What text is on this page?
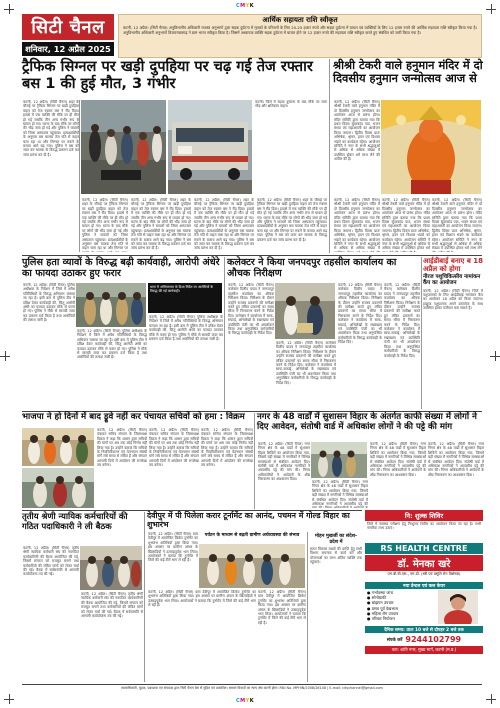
CMYK
सिटी चैनल
शनिवार, 12 अप्रैल 2025
आर्थिक सहायता राशि स्वीकृत
कटनी, 12 अप्रैल। (सिटी चैनल) अनुविभागीय अधिकारी राजस्व अनुभागों द्वारा सड़क दुर्घटना में मृतकों के परिजनों के लिए 25-25 हजार रुपये और सड़क दुर्घटना में घायल एवं व्यक्तियों के लिए 12 हजार रुपये की आर्थिक सहायता राशि स्वीकृत किया गया है। अनुविभागीय अधिकारी अनुभागों विजयराघवगढ़ ने ग्राम भारत स्वीकृत किया है। जिसमें अध्यापक व्यक्ति सड़क दुर्घटना में घायल होने पर 12 हजार रुपये की सहायता राशि स्वीकृत करते हुए संबंधित को जारी किया गया है।
ट्रैफिक सिग्नल पर खड़ी दुपहिया पर चढ़ गई तेज रफ्तार बस 1 की हुई मौत, 3 गंभीर
कटनी, 12 अप्रैल। (सिटी चैनल) शहर के चौराहे पर ट्रैफिक सिग्नल पर खड़ी दुपहिया वाहन को तेज रफ्तार बस ने रौंद दिया। हादसे में एक व्यक्ति की मौके पर ही मौत हो गई जबकि तीन अन्य गंभीर रूप से घायल हो गए। घटना के बाद मौके पर लोगों की भीड़ जमा हो गई और पुलिस ने घायलों को जिला अस्पताल पहुंचाया। प्रत्यक्षदर्शियों के अनुसार बस चालक तेज गति से वाहन चला रहा था और सिग्नल पर रुकने के बजाय आगे बढ़ गया। पुलिस ने बस को जब्त कर चालक के विरुद्ध प्रकरण दर्ज कर जांच प्रारंभ कर दी है।
कटनी, 12 अप्रैल। (सिटी चैनल) शहर के चौराहे पर ट्रैफिक सिग्नल पर खड़ी दुपहिया वाहन को तेज रफ्तार बस ने रौंद दिया। हादसे में एक व्यक्ति की मौके पर ही मौत हो गई जबकि तीन अन्य गंभीर रूप से घायल हो गए। घटना के बाद मौके पर लोगों की भीड़ जमा हो गई और पुलिस ने घायलों को जिला अस्पताल पहुंचाया। प्रत्यक्षदर्शियों के अनुसार बस चालक तेज गति से वाहन चला रहा था और सिग्नल पर
कटनी, 12 अप्रैल। (सिटी चैनल) शहर के चौराहे पर ट्रैफिक सिग्नल पर खड़ी दुपहिया वाहन को तेज रफ्तार बस ने रौंद दिया। हादसे में एक व्यक्ति की मौके पर ही मौत हो गई जबकि तीन अन्य गंभीर रूप से घायल हो गए। घटना के बाद मौके पर लोगों की भीड़ जमा हो गई और पुलिस ने घायलों को जिला अस्पताल पहुंचाया। प्रत्यक्षदर्शियों के अनुसार बस चालक तेज गति से वाहन चला रहा था और सिग्नल पर रुकने के बजाय आगे बढ़ गया। पुलिस ने बस को जब्त कर चालक के विरुद्ध प्रकरण दर्ज कर जांच प्रारंभ कर दी है।
कटनी, 12 अप्रैल। (सिटी चैनल) शहर के चौराहे पर ट्रैफिक सिग्नल पर खड़ी दुपहिया वाहन को तेज रफ्तार बस ने रौंद दिया। हादसे में एक व्यक्ति की मौके पर ही मौत हो गई जबकि तीन अन्य गंभीर रूप से घायल हो गए। घटना के बाद मौके पर लोगों की भीड़ जमा हो गई और पुलिस ने घायलों को जिला अस्पताल पहुंचाया। प्रत्यक्षदर्शियों के अनुसार बस चालक तेज गति से वाहन चला रहा था और सिग्नल पर रुकने के बजाय आगे बढ़ गया। पुलिस ने बस को जब्त कर चालक के विरुद्ध प्रकरण दर्ज कर जांच प्रारंभ कर दी है।
कटनी, 12 अप्रैल। (सिटी चैनल) शहर के चौराहे पर ट्रैफिक सिग्नल पर खड़ी दुपहिया वाहन को तेज रफ्तार बस ने रौंद दिया। हादसे में एक व्यक्ति की मौके पर ही मौत हो गई जबकि तीन अन्य गंभीर रूप से घायल हो गए। घटना के बाद मौके पर लोगों की भीड़ जमा हो गई और पुलिस ने घायलों को जिला अस्पताल पहुंचाया। प्रत्यक्षदर्शियों के अनुसार बस चालक तेज गति से वाहन चला रहा था और सिग्नल पर रुकने के बजाय आगे बढ़ गया। पुलिस ने बस को जब्त कर चालक के विरुद्ध प्रकरण दर्ज कर जांच प्रारंभ कर दी है।
कटनी। जिले में सड़क दुर्घटना के बाद मौके पर जमा भीड़ और क्षतिग्रस्त वाहन।
श्रीश्री टेकरी वाले हनुमान मंदिर में दो दिवसीय हनुमान जन्मोत्सव आज से
कटनी, 12 अप्रैल। (सिटी चैनल) श्रीश्री टेकरी वाले हनुमान मंदिर में दो दिवसीय हनुमान जन्मोत्सव का आयोजन आज से प्रारंभ होगा। मंदिर समिति द्वारा बताया गया कि प्रथम दिवस सुंदरकांड पाठ, भजन संध्या एवं महाआरती का आयोजन किया जाएगा। द्वितीय दिवस प्रातः अभिषेक, श्रृंगार, हवन एवं विशाल भंडारे का कार्यक्रम रहेगा। आयोजन समिति ने नगर के सभी श्रद्धालुओं से अधिक से अधिक संख्या में उपस्थित होकर धर्म लाभ लेने की अपील की है।
कटनी, 12 अप्रैल। (सिटी चैनल) श्रीश्री टेकरी वाले हनुमान मंदिर में दो दिवसीय हनुमान जन्मोत्सव का आयोजन आज से प्रारंभ होगा। मंदिर समिति द्वारा बताया गया कि प्रथम दिवस सुंदरकांड पाठ, भजन संध्या एवं महाआरती का आयोजन किया जाएगा। द्वितीय दिवस प्रातः अभिषेक, श्रृंगार, हवन एवं विशाल भंडारे का कार्यक्रम रहेगा। आयोजन समिति ने नगर के सभी श्रद्धालुओं से अधिक से अधिक संख्या में
कटनी, 12 अप्रैल। (सिटी चैनल) श्रीश्री टेकरी वाले हनुमान मंदिर में दो दिवसीय हनुमान जन्मोत्सव का आयोजन आज से प्रारंभ होगा। मंदिर समिति द्वारा बताया गया कि प्रथम दिवस सुंदरकांड पाठ, भजन संध्या एवं महाआरती का आयोजन किया जाएगा। द्वितीय दिवस प्रातः अभिषेक, श्रृंगार, हवन एवं विशाल भंडारे का कार्यक्रम रहेगा। आयोजन समिति ने नगर के सभी श्रद्धालुओं से अधिक से अधिक संख्या में उपस्थित होकर धर्म
कटनी, 12 अप्रैल। (सिटी चैनल) श्रीश्री टेकरी वाले हनुमान मंदिर में दो दिवसीय हनुमान जन्मोत्सव का आयोजन आज से प्रारंभ होगा। मंदिर समिति द्वारा बताया गया कि प्रथम दिवस सुंदरकांड पाठ, भजन संध्या एवं महाआरती का आयोजन किया जाएगा। द्वितीय दिवस प्रातः अभिषेक, श्रृंगार, हवन एवं विशाल भंडारे का कार्यक्रम रहेगा। आयोजन समिति ने नगर के सभी श्रद्धालुओं से अधिक से अधिक संख्या में उपस्थित होकर धर्म लाभ लेने
पुलिस हता व्यावों के विरुद्ध बढ़ी कार्यवाही, आरोपी अंधेरे का फायदा उठाकर हुए फरार
कटनी, 12 अप्रैल। (सिटी चैनल) पुलिस अधीक्षक के निर्देशन में जिले में अवैध गतिविधियों के विरुद्ध अभियान चलाया जा रहा है। इसी क्रम में पुलिस टीम ने दबिश देकर कार्यवाही की, किंतु आरोपी अंधेरे का फायदा उठाकर मौके से फरार हो गए। पुलिस ने मौके से सामग्री जब्त कर प्रकरण दर्ज किया है तथा आरोपियों की तलाश जारी है।
कटनी, 12 अप्रैल। (सिटी चैनल) पुलिस अधीक्षक के निर्देशन में जिले में अवैध गतिविधियों के विरुद्ध अभियान चलाया जा रहा है। इसी क्रम में पुलिस टीम ने दबिश देकर कार्यवाही की, किंतु आरोपी अंधेरे का फायदा उठाकर मौके से फरार हो गए। पुलिस ने मौके से सामग्री जब्त कर प्रकरण दर्ज किया है तथा आरोपियों की तलाश जारी है।
थाना में अभियानरत के दिशा निर्देश पर आरोपियों के विरुद्ध की गई कार्यवाही।
कटनी, 12 अप्रैल। (सिटी चैनल) पुलिस अधीक्षक के निर्देशन में जिले में अवैध गतिविधियों के विरुद्ध अभियान चलाया जा रहा है। इसी क्रम में पुलिस टीम ने दबिश देकर कार्यवाही की, किंतु आरोपी अंधेरे का फायदा उठाकर मौके से फरार हो गए। पुलिस ने मौके से सामग्री जब्त कर प्रकरण दर्ज किया है तथा आरोपियों की तलाश जारी है।
कलेक्टर ने किया जनपदपुर तहसील कार्यालय का औचक निरीक्षण
कटनी, 12 अप्रैल। (सिटी चैनल) कलेक्टर दिलीप यादव ने जनपदपुर तहसील कार्यालय का औचक निरीक्षण किया। निरीक्षण के दौरान उन्होंने राजस्व प्रकरणों की समीक्षा करते हुए लंबित प्रकरणों का समय सीमा में निराकरण करने के निर्देश दिए। कलेक्टर ने कार्यालय में साफ-सफाई, अभिलेखों के रखरखाव एवं उपस्थिति पंजी का भी अवलोकन किया तथा अनुपस्थित कर्मचारियों के विरुद्ध कार्यवाही के निर्देश दिए।
कटनी, 12 अप्रैल। (सिटी चैनल) कलेक्टर दिलीप यादव ने जनपदपुर तहसील कार्यालय का औचक निरीक्षण किया। निरीक्षण के दौरान उन्होंने राजस्व प्रकरणों की समीक्षा करते हुए लंबित प्रकरणों का समय सीमा में निराकरण करने के निर्देश दिए। कलेक्टर ने कार्यालय में साफ-सफाई, अभिलेखों के रखरखाव एवं उपस्थिति पंजी का भी अवलोकन किया तथा अनुपस्थित कर्मचारियों के विरुद्ध कार्यवाही के निर्देश दिए।
कटनी, 12 अप्रैल। (सिटी चैनल) कलेक्टर दिलीप यादव ने जनपदपुर तहसील कार्यालय का औचक निरीक्षण किया। निरीक्षण के दौरान उन्होंने राजस्व प्रकरणों की समीक्षा करते हुए लंबित प्रकरणों का समय सीमा में निराकरण करने के निर्देश दिए। कलेक्टर ने कार्यालय में साफ-सफाई, अभिलेखों के रखरखाव एवं उपस्थिति पंजी का भी अवलोकन किया तथा अनुपस्थित कर्मचारियों के विरुद्ध कार्यवाही के निर्देश दिए।
कटनी, 12 अप्रैल। (सिटी चैनल) कलेक्टर दिलीप यादव ने जनपदपुर तहसील कार्यालय का औचक निरीक्षण किया। निरीक्षण के दौरान उन्होंने राजस्व प्रकरणों की समीक्षा करते हुए लंबित प्रकरणों का समय सीमा में निराकरण करने के निर्देश दिए। कलेक्टर ने कार्यालय में साफ-सफाई, अभिलेखों के रखरखाव एवं उपस्थिति पंजी का भी अवलोकन किया तथा अनुपस्थित कर्मचारियों के विरुद्ध कार्यवाही के निर्देश दिए।
आईडीबाई बनाए ब 18 अप्रैल को होगा
नीरज पशुचिकित्सीय नामांकन कैंप का आयोजन
कटनी, 12 अप्रैल। (सिटी चैनल) जिले में पशुपालकों के लिए आईडीबाई नामांकन कैंप का आयोजन 18 अप्रैल को किया जाएगा। इच्छुक पशुपालक अपने दस्तावेज के साथ उपस्थित होकर पंजीयन करा सकते हैं।
भाजपा ने हो दिनों में बाद ड्रूवे नहीं कर पंचायत सचिवों को हमा : विक्रम
कटनी, 12 अप्रैल। (सिटी चैनल) पंचायत सचिव संगठन के जिलाध्यक्ष विक्रम ने कहा कि शासन द्वारा सचिवों की मांगों पर अब तक कोई निर्णय नहीं लिया गया है। उन्होंने बताया कि सचिवों के नियमितीकरण एवं वेतनमान संबंधी मांगें लंबे समय से लंबित हैं और संगठन आगामी दिनों में आंदोलन की रूपरेखा तय करेगा।
कटनी, 12 अप्रैल। (सिटी चैनल) पंचायत सचिव संगठन के जिलाध्यक्ष विक्रम ने कहा कि शासन द्वारा सचिवों की मांगों पर अब तक कोई निर्णय नहीं लिया गया है। उन्होंने बताया कि सचिवों के नियमितीकरण एवं वेतनमान संबंधी मांगें लंबे समय से लंबित हैं और संगठन आगामी दिनों में आंदोलन की रूपरेखा तय करेगा।
कटनी, 12 अप्रैल। (सिटी चैनल) पंचायत सचिव संगठन के जिलाध्यक्ष विक्रम ने कहा कि शासन द्वारा सचिवों की मांगों पर अब तक कोई निर्णय नहीं लिया गया है। उन्होंने बताया कि सचिवों के नियमितीकरण एवं वेतनमान संबंधी मांगें लंबे समय से लंबित हैं और संगठन आगामी दिनों में आंदोलन की रूपरेखा तय करेगा।
नगर के 48 वार्डों में सुशासन विहार के अंतर्गत काफी संख्या में लोगों ने दिए आवेदन, संतोषी वार्ड में अधिकांश लोगों ने की पट्टे की मांग
कटनी, 12 अप्रैल। (सिटी चैनल) नगर निगम क्षेत्र के 48 वार्डों में सुशासन विहार शिविरों का आयोजन किया गया, जिसमें बड़ी संख्या में नागरिकों ने विभिन्न समस्याओं से संबंधित आवेदन दिए। संतोषी वार्ड में अधिकांश नागरिकों ने आवासीय पट्टे की मांग की। निगम अधिकारियों ने आवेदनों के शीघ्र निराकरण का आश्वासन दिया।
कटनी, 12 अप्रैल। (सिटी चैनल) नगर निगम क्षेत्र के 48 वार्डों में सुशासन विहार शिविरों का आयोजन किया गया, जिसमें बड़ी संख्या में नागरिकों ने विभिन्न समस्याओं से संबंधित आवेदन दिए। संतोषी वार्ड में अधिकांश नागरिकों ने आवासीय पट्टे की
कटनी, 12 अप्रैल। (सिटी चैनल) नगर निगम क्षेत्र के 48 वार्डों में सुशासन विहार शिविरों का आयोजन किया गया, जिसमें बड़ी संख्या में नागरिकों ने विभिन्न समस्याओं से संबंधित आवेदन दिए। संतोषी वार्ड में अधिकांश नागरिकों ने आवासीय पट्टे की मांग की। निगम अधिकारियों ने आवेदनों के शीघ्र निराकरण का आश्वासन दिया।
कटनी, 12 अप्रैल। (सिटी चैनल) नगर निगम क्षेत्र के 48 वार्डों में सुशासन विहार शिविरों का आयोजन किया गया, जिसमें बड़ी संख्या में नागरिकों ने विभिन्न समस्याओं से संबंधित आवेदन दिए। संतोषी वार्ड में अधिकांश नागरिकों ने आवासीय पट्टे की मांग की। निगम अधिकारियों ने आवेदनों के शीघ्र निराकरण का आश्वासन दिया।
तृतीय श्रेणी न्यायिक कर्मचारियों की गठित पदाधिकारी ने ली बैठक
कटनी, 12 अप्रैल। (सिटी चैनल) तृतीय श्रेणी न्यायिक कर्मचारी संघ की नवगठित कार्यकारिणी की बैठक आयोजित की गई, जिसमें संगठन को मजबूत बनाने तथा कर्मचारियों की लंबित मांगों को लेकर चर्चा की गई। बैठक में सर्वसम्मति से आगामी कार्ययोजना तय की गई।
कटनी, 12 अप्रैल। (सिटी चैनल) तृतीय श्रेणी न्यायिक कर्मचारी संघ की नवगठित कार्यकारिणी की बैठक आयोजित की गई, जिसमें संगठन को मजबूत बनाने तथा कर्मचारियों की लंबित मांगों को लेकर चर्चा की गई। बैठक में सर्वसम्मति से आगामी कार्ययोजना तय की गई।
देवीपुर में पी पिलेला करार टूर्नामेंट का आनंद, पचमन में गोल्ड विहार का शुभारंभ
कटनी, 12 अप्रैल। (सिटी चैनल) ग्राम देवीपुर में आयोजित क्रिकेट टूर्नामेंट का शुभारंभ अतिथियों द्वारा किया गया। इस अवसर पर ग्रामीण अंचल के खिलाड़ियों ने उत्साहपूर्वक भाग लिया। आयोजकों ने बताया कि टूर्नामेंट में जिले की कई टीमें भाग ले रही हैं।
पर्यटन के माध्यम से बढ़ती ग्रामीण अर्थव्यवस्था की संभाव
कटनी, 12 अप्रैल। (सिटी चैनल) ग्राम देवीपुर में आयोजित क्रिकेट टूर्नामेंट का शुभारंभ अतिथियों द्वारा किया गया। इस अवसर पर ग्रामीण अंचल के खिलाड़ियों ने उत्साहपूर्वक भाग लिया। आयोजकों ने बताया कि टूर्नामेंट में जिले की कई टीमें भाग ले रही हैं।
कटनी, 12 अप्रैल। (सिटी चैनल) ग्राम देवीपुर में आयोजित क्रिकेट टूर्नामेंट का शुभारंभ अतिथियों द्वारा किया गया। इस अवसर पर ग्रामीण अंचल के खिलाड़ियों ने उत्साहपूर्वक भाग लिया। आयोजकों ने बताया कि टूर्नामेंट में जिले की कई टीमें भाग ले रही हैं।
मोहन मुखर्जी का संदेश- प्रदेश में
सतत विकास लक्ष्यों की प्राप्ति हेतु सभी विभाग समन्वय से कार्य करें और योजनाओं का लाभ अंतिम व्यक्ति तक पहुंचाएं।
नि: शुल्क शिविर
जिले में स्वास्थ्य परीक्षण हेतु निःशुल्क शिविर का आयोजन किया जा रहा है। सभी नागरिक लाभ उठाएं।
RS HEALTH CENTRE
डॉ. मेनका खरे
एम.बी.बी.एस., एम.डी. (स्त्री एवं प्रसूति रोग विशेषज्ञ)
नया डेन्टल एवं कल केयर
● गर्भावस्था जांच
● सोनोग्राफी
● बांझपन उपचार
● प्रसव पूर्व देखभाल
● महिला रोग उपचार
● परिवार नियोजन
दैनिक समय: प्रातः 10 बजे से दोपहर 2 बजे तक
संपर्क करें 9244102799
पता: शांति नगर, मुख्य मार्ग, कटनी (म.प्र.)
स्वत्वाधिकारी, मुद्रक, प्रकाशक एवं संपादक द्वारा सिटी चैनल प्रेस से मुद्रित एवं प्रकाशित। समस्त विवादों का न्याय क्षेत्र कटनी होगा। RNI No. MPHIN/2008/26148 | E-mail: citychannel@gmail.com
CMYK
